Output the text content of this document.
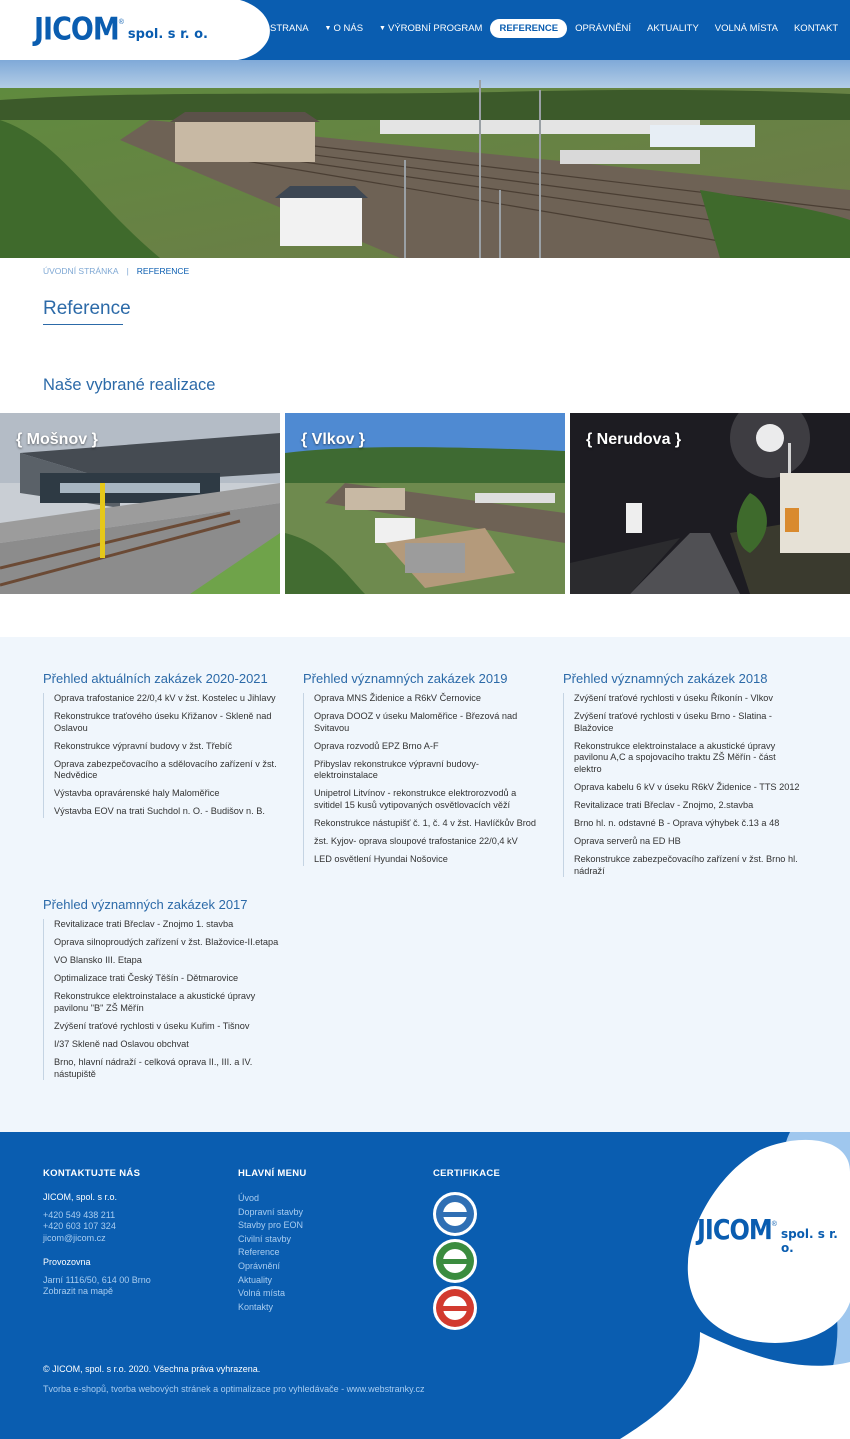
JICOM ®
spol. s r. o.	STRANA ▼ O NÁS ▼ VÝROBNÍ PROGRAM REFERENCE OPRÁVNĚNÍ AKTUALITY VOLNÁ MÍSTA KONTAKT
ÚVODNÍ STRÁNKA | REFERENCE
Reference
Naše vybrané realizace
{ Mošnov }	{ Vlkov }	{ Nerudova }
Přehled aktuálních zakázek 2020-2021
Oprava trafostanice 22/0,4 kV v žst. Kostelec u Jihlavy
Rekonstrukce traťového úseku Křižanov - Skleně nad Oslavou
Rekonstrukce výpravní budovy v žst. Třebíč
Oprava zabezpečovacího a sdělovacího zařízení v žst. Nedvědice
Výstavba opravárenské haly Maloměřice
Výstavba EOV na trati Suchdol n. O. - Budišov n. B.
Přehled významných zakázek 2019
Oprava MNS Židenice a R6kV Černovice
Oprava DOOZ v úseku Maloměřice - Březová nad Svitavou
Oprava rozvodů EPZ Brno A-F
Přibyslav rekonstrukce výpravní budovy- elektroinstalace
Unipetrol Litvínov - rekonstrukce elektrorozvodů a svitidel 15 kusů vytipovaných osvětlovacích věží
Rekonstrukce nástupišť č. 1, č. 4 v žst. Havlíčkův Brod
žst. Kyjov- oprava sloupové trafostanice 22/0,4 kV
LED osvětlení Hyundai Nošovice
Přehled významných zakázek 2018
Zvýšení traťové rychlosti v úseku Říkonín - Vlkov
Zvýšení traťové rychlosti v úseku Brno - Slatina - Blažovice
Rekonstrukce elektroinstalace a akustické úpravy pavilonu A,C a spojovacího traktu ZŠ Měřín - část elektro
Oprava kabelu 6 kV v úseku R6kV Židenice - TTS 2012
Revitalizace trati Břeclav - Znojmo, 2.stavba
Brno hl. n. odstavné B - Oprava výhybek č.13 a 48
Oprava serverů na ED HB
Rekonstrukce zabezpečovacího zařízení v žst. Brno hl. nádraží
Přehled významných zakázek 2017
Revitalizace trati Břeclav - Znojmo 1. stavba
Oprava silnoproudých zařízení v žst. Blažovice-II.etapa
VO Blansko III. Etapa
Optimalizace trati Český Těšín - Dětmarovice
Rekonstrukce elektroinstalace a akustické úpravy pavilonu "B" ZŠ Měřín
Zvýšení traťové rychlosti v úseku Kuřim - Tišnov
I/37 Skleně nad Oslavou obchvat
Brno, hlavní nádraží - celková oprava II., III. a IV. nástupiště
KONTAKTUJTE NÁS
JICOM, spol. s r.o.
+420 549 438 211
+420 603 107 324
jicom@jicom.cz
Provozovna
Jarní 1116/50, 614 00 Brno
Zobrazit na mapě
HLAVNÍ MENU
Úvod
Dopravní stavby
Stavby pro EON
Civilní stavby
Reference
Oprávnění
Aktuality
Volná místa
Kontakty
CERTIFIKACE
JICOM ®
spol. s r. o.
© JICOM, spol. s r.o. 2020. Všechna práva vyhrazena.
Tvorba e-shopů, tvorba webových stránek a optimalizace pro vyhledávače - www.webstranky.cz
